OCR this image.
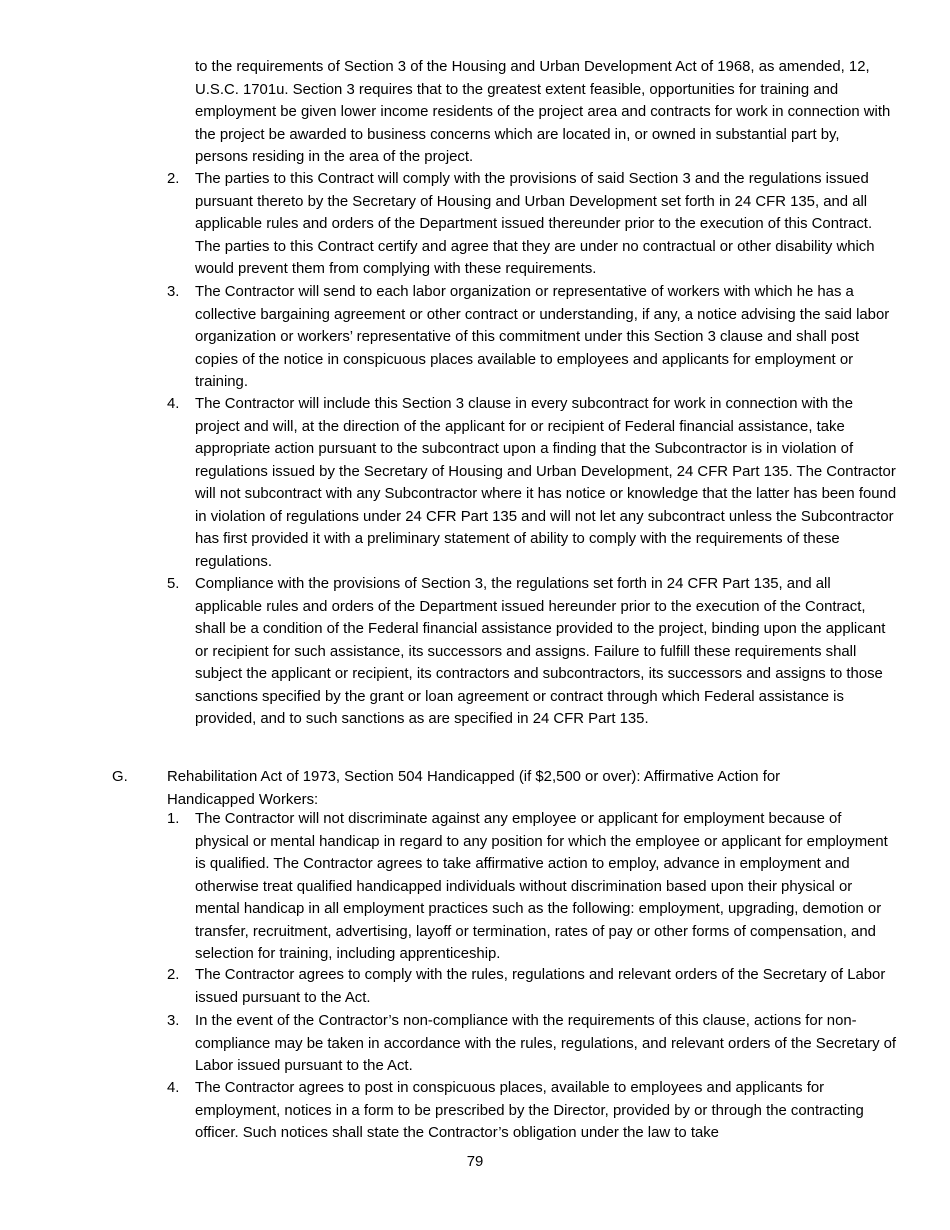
to the requirements of Section 3 of the Housing and Urban Development Act of 1968, as amended, 12, U.S.C. 1701u. Section 3 requires that to the greatest extent feasible, opportunities for training and employment be given lower income residents of the project area and contracts for work in connection with the project be awarded to business concerns which are located in, or owned in substantial part by, persons residing in the area of the project.

2. The parties to this Contract will comply with the provisions of said Section 3 and the regulations issued pursuant thereto by the Secretary of Housing and Urban Development set forth in 24 CFR 135, and all applicable rules and orders of the Department issued thereunder prior to the execution of this Contract. The parties to this Contract certify and agree that they are under no contractual or other disability which would prevent them from complying with these requirements.
3. The Contractor will send to each labor organization or representative of workers with which he has a collective bargaining agreement or other contract or understanding, if any, a notice advising the said labor organization or workers’ representative of this commitment under this Section 3 clause and shall post copies of the notice in conspicuous places available to employees and applicants for employment or training.
4. The Contractor will include this Section 3 clause in every subcontract for work in connection with the project and will, at the direction of the applicant for or recipient of Federal financial assistance, take appropriate action pursuant to the subcontract upon a finding that the Subcontractor is in violation of regulations issued by the Secretary of Housing and Urban Development, 24 CFR Part 135. The Contractor will not subcontract with any Subcontractor where it has notice or knowledge that the latter has been found in violation of regulations under 24 CFR Part 135 and will not let any subcontract unless the Subcontractor has first provided it with a preliminary statement of ability to comply with the requirements of these regulations.
5. Compliance with the provisions of Section 3, the regulations set forth in 24 CFR Part 135, and all applicable rules and orders of the Department issued hereunder prior to the execution of the Contract, shall be a condition of the Federal financial assistance provided to the project, binding upon the applicant or recipient for such assistance, its successors and assigns. Failure to fulfill these requirements shall subject the applicant or recipient, its contractors and subcontractors, its successors and assigns to those sanctions specified by the grant or loan agreement or contract through which Federal assistance is provided, and to such sanctions as are specified in 24 CFR Part 135.
G.	Rehabilitation Act of 1973, Section 504 Handicapped (if $2,500 or over): Affirmative Action for Handicapped Workers:
1. The Contractor will not discriminate against any employee or applicant for employment because of physical or mental handicap in regard to any position for which the employee or applicant for employment is qualified. The Contractor agrees to take affirmative action to employ, advance in employment and otherwise treat qualified handicapped individuals without discrimination based upon their physical or mental handicap in all employment practices such as the following: employment, upgrading, demotion or transfer, recruitment, advertising, layoff or termination, rates of pay or other forms of compensation, and selection for training, including apprenticeship.
2. The Contractor agrees to comply with the rules, regulations and relevant orders of the Secretary of Labor issued pursuant to the Act.
3. In the event of the Contractor’s non-compliance with the requirements of this clause, actions for non-compliance may be taken in accordance with the rules, regulations, and relevant orders of the Secretary of Labor issued pursuant to the Act.
4. The Contractor agrees to post in conspicuous places, available to employees and applicants for employment, notices in a form to be prescribed by the Director, provided by or through the contracting officer. Such notices shall state the Contractor’s obligation under the law to take
79
